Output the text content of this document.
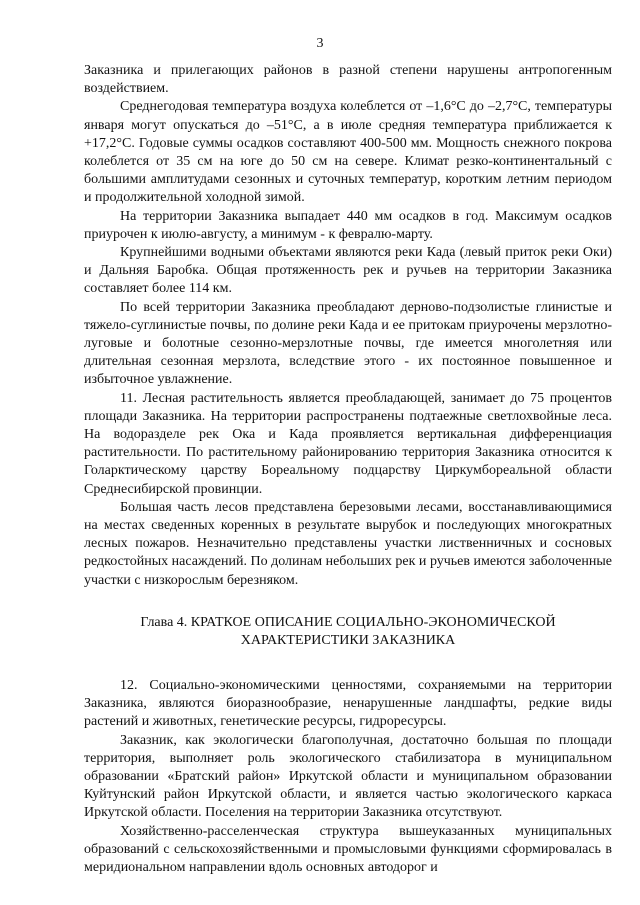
3

Заказника и прилегающих районов в разной степени нарушены антропогенным воздействием.

Среднегодовая температура воздуха колеблется от –1,6°С до –2,7°С, температуры января могут опускаться до –51°С, а в июле средняя температура приближается к +17,2°С. Годовые суммы осадков составляют 400-500 мм. Мощность снежного покрова колеблется от 35 см на юге до 50 см на севере. Климат резко-континентальный с большими амплитудами сезонных и суточных температур, коротким летним периодом и продолжительной холодной зимой.

На территории Заказника выпадает 440 мм осадков в год. Максимум осадков приурочен к июлю-августу, а минимум - к февралю-марту.

Крупнейшими водными объектами являются реки Када (левый приток реки Оки) и Дальняя Баробка. Общая протяженность рек и ручьев на территории Заказника составляет более 114 км.

По всей территории Заказника преобладают дерново-подзолистые глинистые и тяжело-суглинистые почвы, по долине реки Када и ее притокам приурочены мерзлотно-луговые и болотные сезонно-мерзлотные почвы, где имеется многолетняя или длительная сезонная мерзлота, вследствие этого - их постоянное повышенное и избыточное увлажнение.

11. Лесная растительность является преобладающей, занимает до 75 процентов площади Заказника. На территории распространены подтаежные светлохвойные леса. На водоразделе рек Ока и Када проявляется вертикальная дифференциация растительности. По растительному районированию территория Заказника относится к Голарктическому царству Бореальному подцарству Циркумбореальной области Среднесибирской провинции.

Большая часть лесов представлена березовыми лесами, восстанавливающимися на местах сведенных коренных в результате вырубок и последующих многократных лесных пожаров. Незначительно представлены участки лиственничных и сосновых редкостойных насаждений. По долинам небольших рек и ручьев имеются заболоченные участки с низкорослым березняком.

Глава 4. КРАТКОЕ ОПИСАНИЕ СОЦИАЛЬНО-ЭКОНОМИЧЕСКОЙ
ХАРАКТЕРИСТИКИ ЗАКАЗНИКА

12. Социально-экономическими ценностями, сохраняемыми на территории Заказника, являются биоразнообразие, ненарушенные ландшафты, редкие виды растений и животных, генетические ресурсы, гидроресурсы.

Заказник, как экологически благополучная, достаточно большая по площади территория, выполняет роль экологического стабилизатора в муниципальном образовании «Братский район» Иркутской области и муниципальном образовании Куйтунский район Иркутской области, и является частью экологического каркаса Иркутской области. Поселения на территории Заказника отсутствуют.

Хозяйственно-расселенческая структура вышеуказанных муниципальных образований с сельскохозяйственными и промысловыми функциями сформировалась в меридиональном направлении вдоль основных автодорог и
